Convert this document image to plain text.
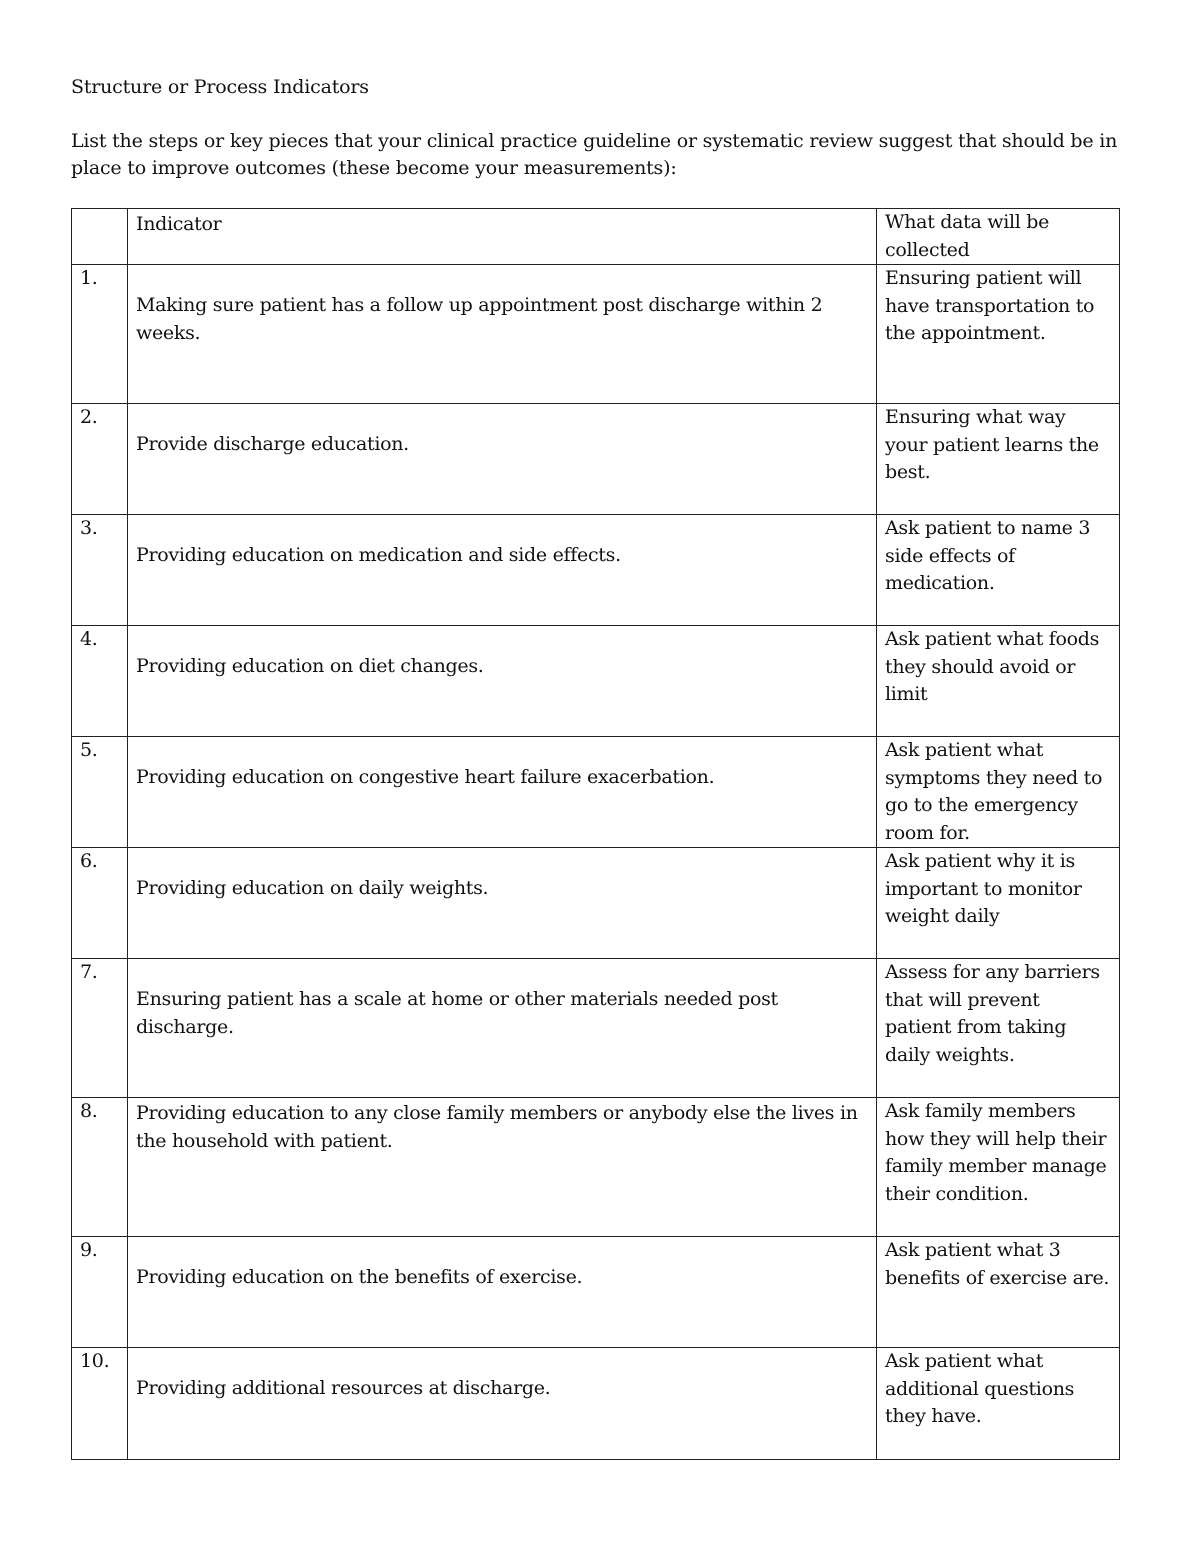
Structure or Process Indicators
List the steps or key pieces that your clinical practice guideline or systematic review suggest that should be in place to improve outcomes (these become your measurements):

	Indicator	What data will be collected
1.	Making sure patient has a follow up appointment post discharge within 2 weeks.	Ensuring patient will have transportation to the appointment.
2.	Provide discharge education.	Ensuring what way your patient learns the best.
3.	Providing education on medication and side effects.	Ask patient to name 3 side effects of medication.
4.	Providing education on diet changes.	Ask patient what foods they should avoid or limit
5.	Providing education on congestive heart failure exacerbation.	Ask patient what symptoms they need to go to the emergency room for.
6.	Providing education on daily weights.	Ask patient why it is important to monitor weight daily
7.	Ensuring patient has a scale at home or other materials needed post discharge.	Assess for any barriers that will prevent patient from taking daily weights.
8.	Providing education to any close family members or anybody else the lives in the household with patient.	Ask family members how they will help their family member manage their condition.
9.	Providing education on the benefits of exercise.	Ask patient what 3 benefits of exercise are.
10.	Providing additional resources at discharge.	Ask patient what additional questions they have.
